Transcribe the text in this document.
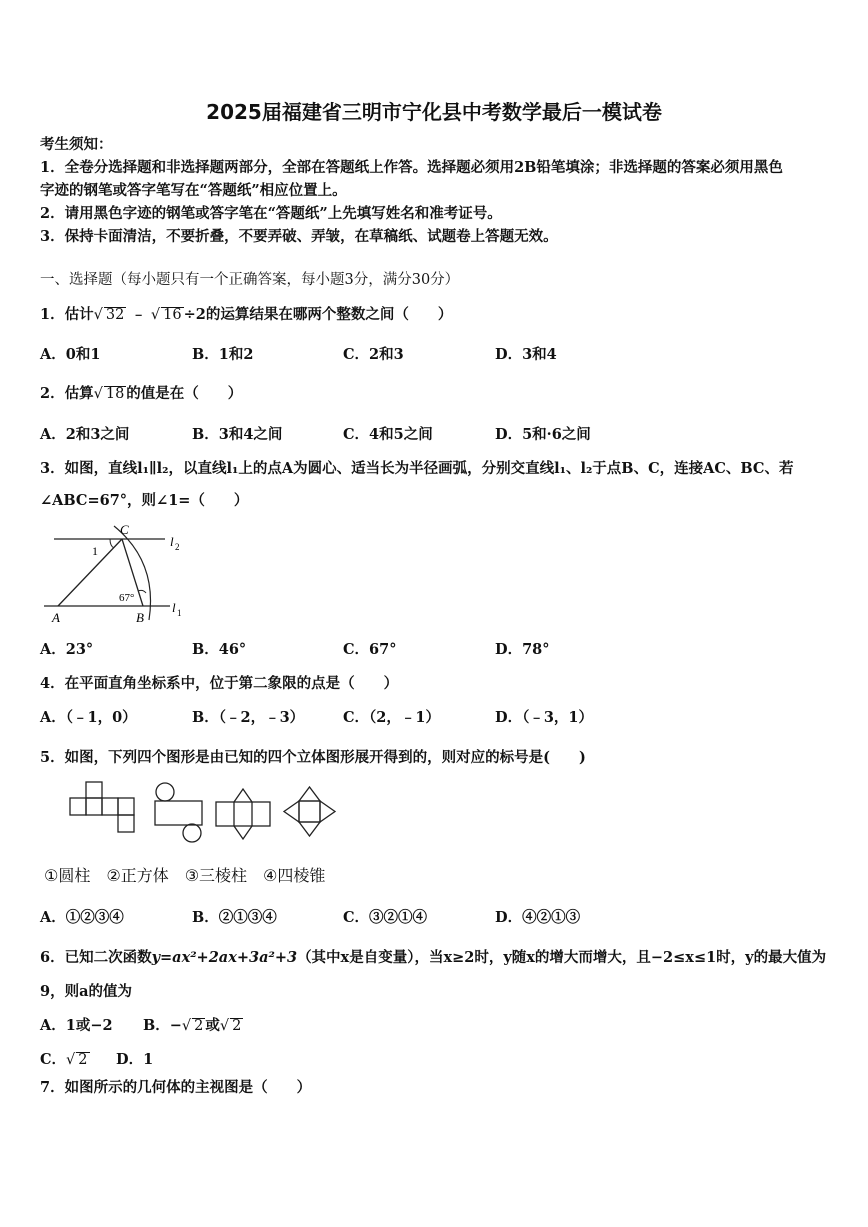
2025届福建省三明市宁化县中考数学最后一模试卷
考生须知：
1．全卷分选择题和非选择题两部分，全部在答题纸上作答。选择题必须用2B铅笔填涂；非选择题的答案必须用黑色
字迹的钢笔或答字笔写在“答题纸”相应位置上。
2．请用黑色字迹的钢笔或答字笔在“答题纸”上先填写姓名和准考证号。
3．保持卡面清洁，不要折叠，不要弄破、弄皱，在草稿纸、试题卷上答题无效。
一、选择题（每小题只有一个正确答案，每小题3分，满分30分）
1．估计√ 32 ﹣ √ 16 ÷2的运算结果在哪两个整数之间（　　）
A．0和1	B．1和2	C．2和3	D．3和4
2．估算√ 18 的值是在（　　）
A．2和3之间	B．3和4之间	C．4和5之间	D．5和·6之间
3．如图，直线l₁∥l₂，以直线l₁上的点A为圆心、适当长为半径画弧，分别交直线l₁、l₂于点B、C，连接AC、BC、若
∠ABC=67°，则∠1=（　　）
C
1
67°
A	B
l 2
l 1
A．23°	B．46°	C．67°	D．78°
4．在平面直角坐标系中，位于第二象限的点是（　　）
A．（﹣1，0）	B．（﹣2，﹣3）	C．（2，﹣1）	D．（﹣3，1）
5．如图，下列四个图形是由已知的四个立体图形展开得到的，则对应的标号是(　　)
①圆柱　②正方体　③三棱柱　④四棱锥
A．①②③④	B．②①③④	C．③②①④	D．④②①③
6．已知二次函数y=ax²+2ax+3a²+3（其中x是自变量），当x≥2时，y随x的增大而增大，且−2≤x≤1时，y的最大值为
9，则a的值为
A．1或−2 B．−√ 2 或√ 2
C．√ 2 D．1
7．如图所示的几何体的主视图是（　　）
